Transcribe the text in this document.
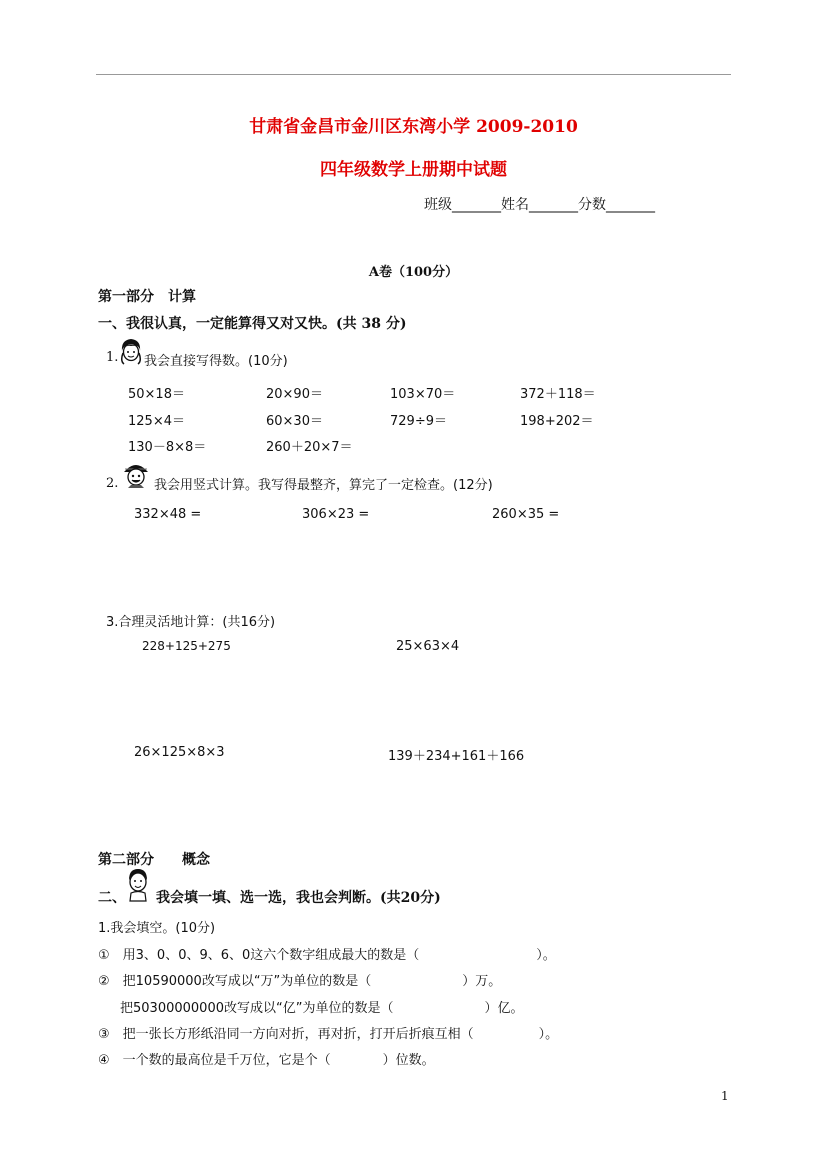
甘肃省金昌市金川区东湾小学 2009-2010
四年级数学上册期中试题
班级_______姓名_______分数_______
A卷（100分）
第一部分　计算
一、我很认真，一定能算得又对又快。(共 38 分)
1. 我会直接写得数。(10分)
50×18＝	20×90＝	103×70＝	372＋118＝
125×4＝	60×30＝	729÷9＝	198+202＝
130－8×8＝	260＋20×7＝
2.	我会用竖式计算。我写得最整齐，算完了一定检查。(12分)
332×48 =	306×23 =	260×35 =
3.合理灵活地计算：(共16分)
228+125+275	25×63×4
26×125×8×3	139＋234+161＋166
第二部分　　概念
二、 我会填一填、选一选，我也会判断。(共20分)
1.我会填空。(10分)
①　用3、0、0、9、6、0这六个数字组成最大的数是（　　　　　　　　　）。
②　把10590000改写成以“万”为单位的数是（　　　　　　　）万。
把50300000000改写成以“亿”为单位的数是（　　　　　　　）亿。
③　把一张长方形纸沿同一方向对折，再对折，打开后折痕互相（　　　　　）。
④　一个数的最高位是千万位，它是个（　　　　）位数。
1
